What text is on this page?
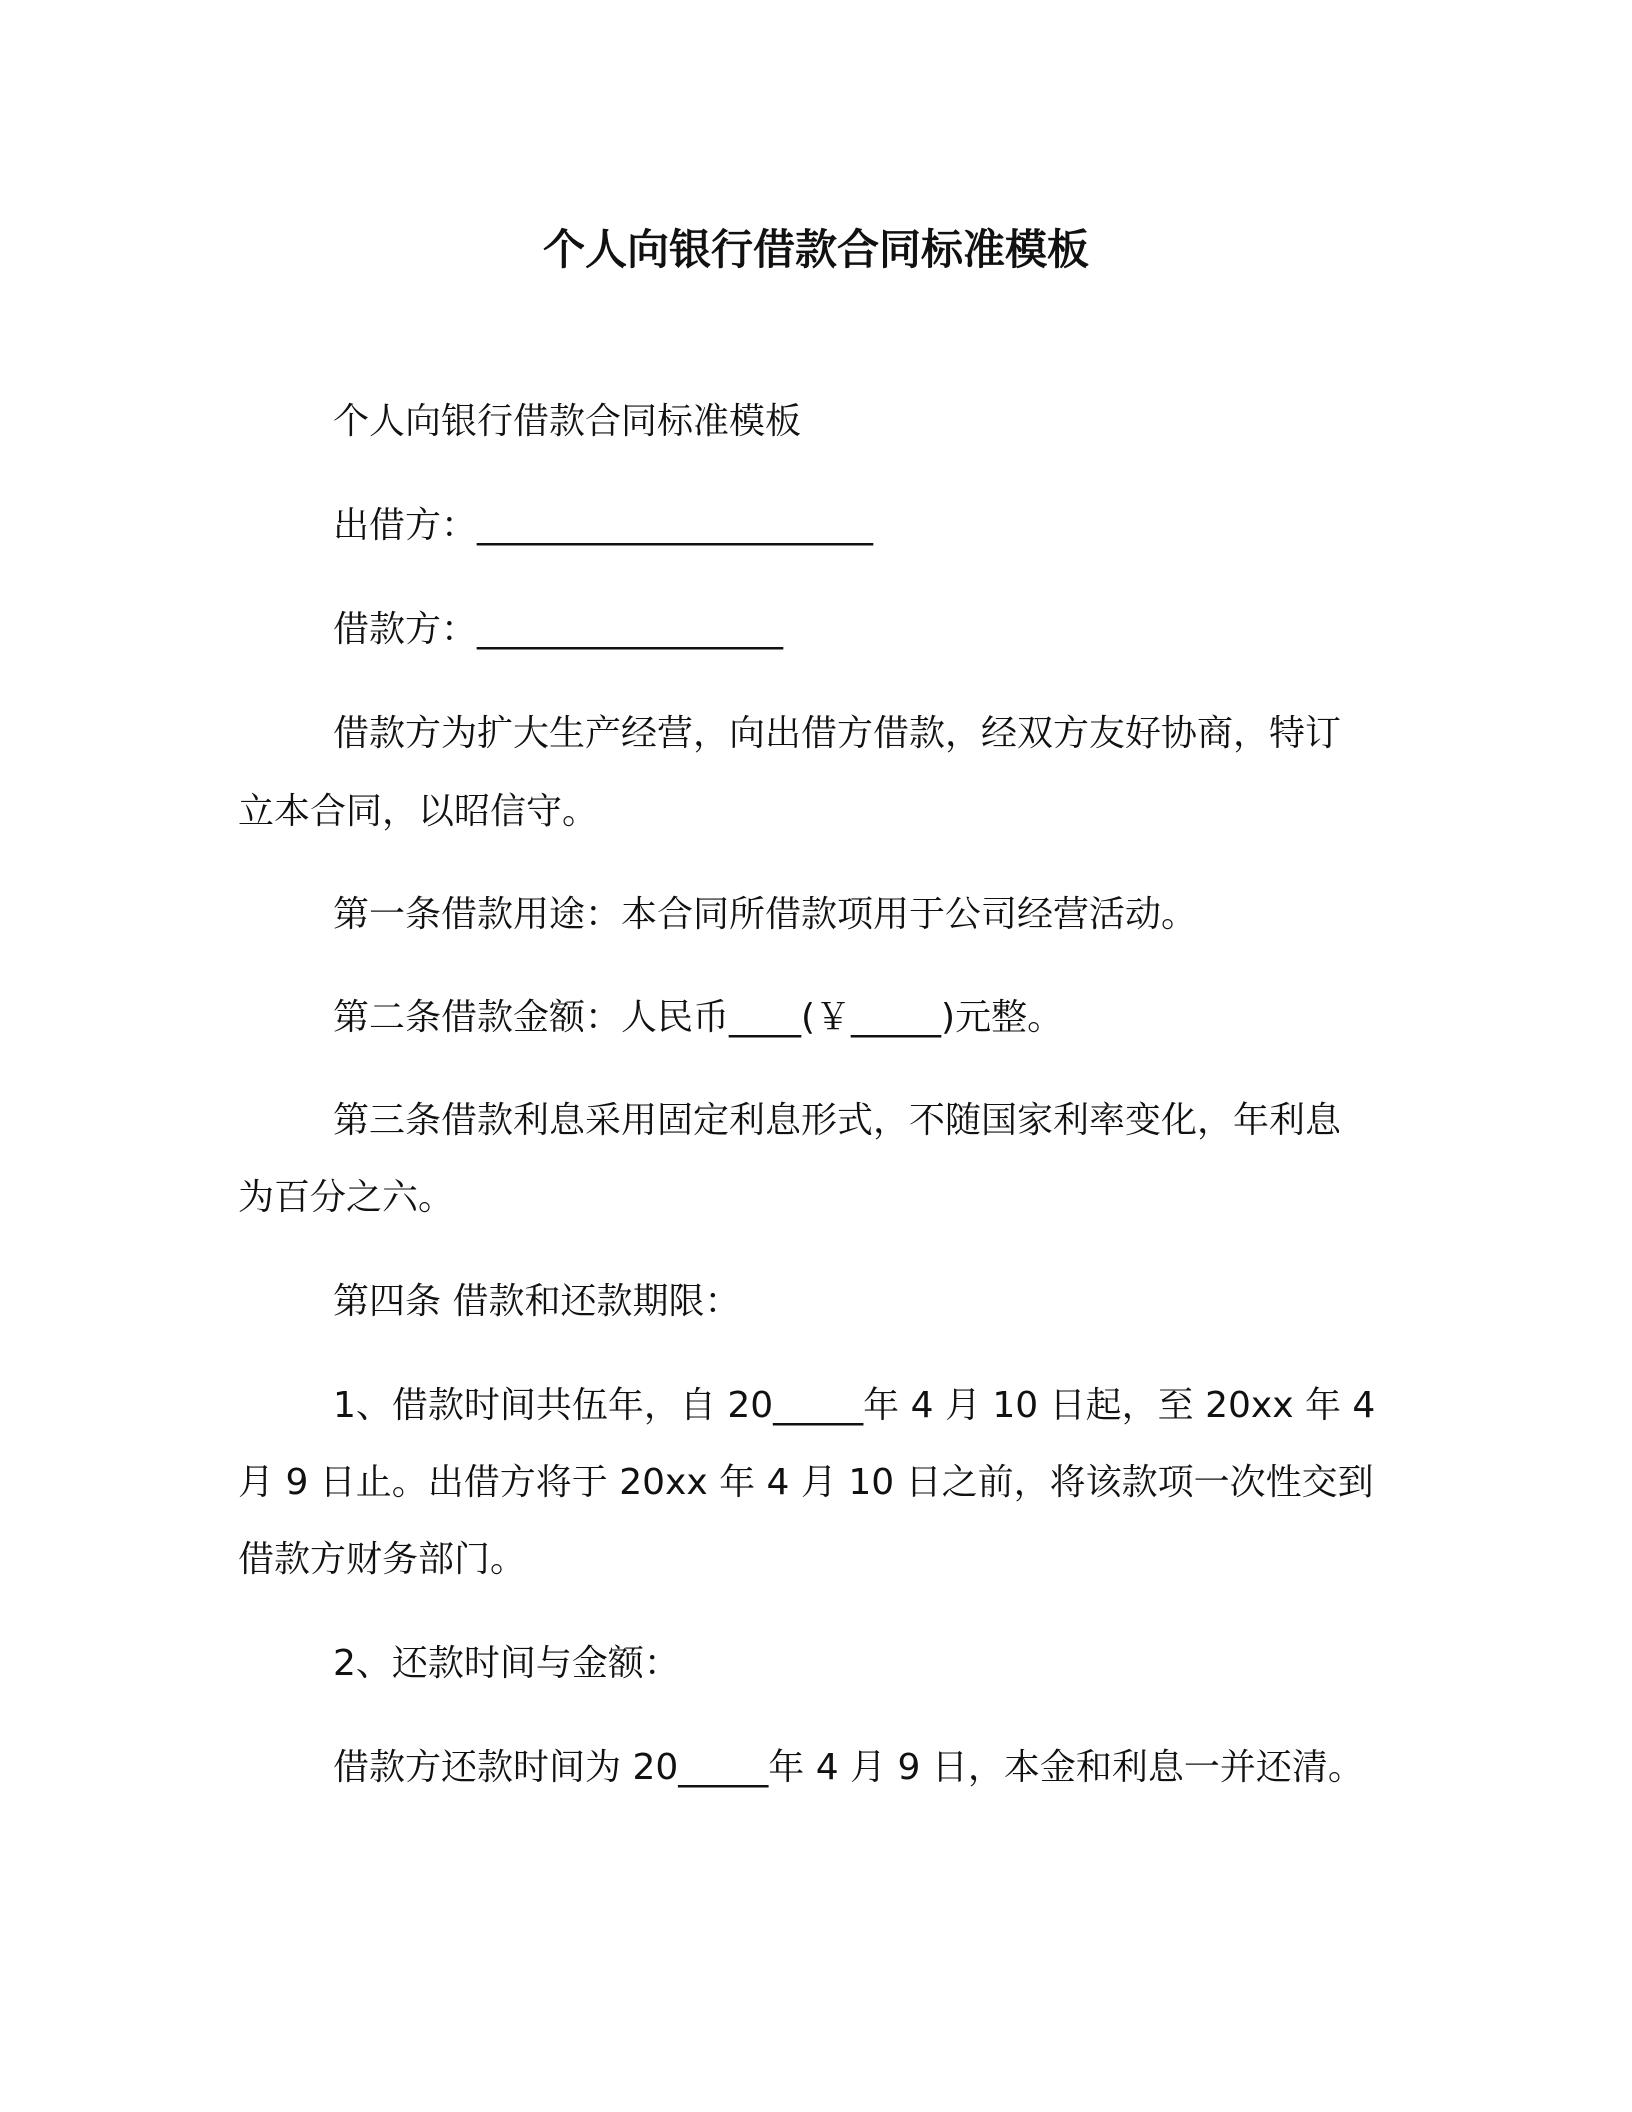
个人向银行借款合同标准模板
个人向银行借款合同标准模板
出借方：______________________
借款方：_________________
借款方为扩大生产经营，向出借方借款，经双方友好协商，特订
立本合同，以昭信守。
第一条借款用途：本合同所借款项用于公司经营活动。
第二条借款金额：人民币____(￥_____)元整。
第三条借款利息采用固定利息形式，不随国家利率变化，年利息
为百分之六。
第四条 借款和还款期限：
1、借款时间共伍年，自 20_____年 4 月 10 日起，至 20xx 年 4
月 9 日止。出借方将于 20xx 年 4 月 10 日之前，将该款项一次性交到
借款方财务部门。
2、还款时间与金额：
借款方还款时间为 20_____年 4 月 9 日，本金和利息一并还清。
